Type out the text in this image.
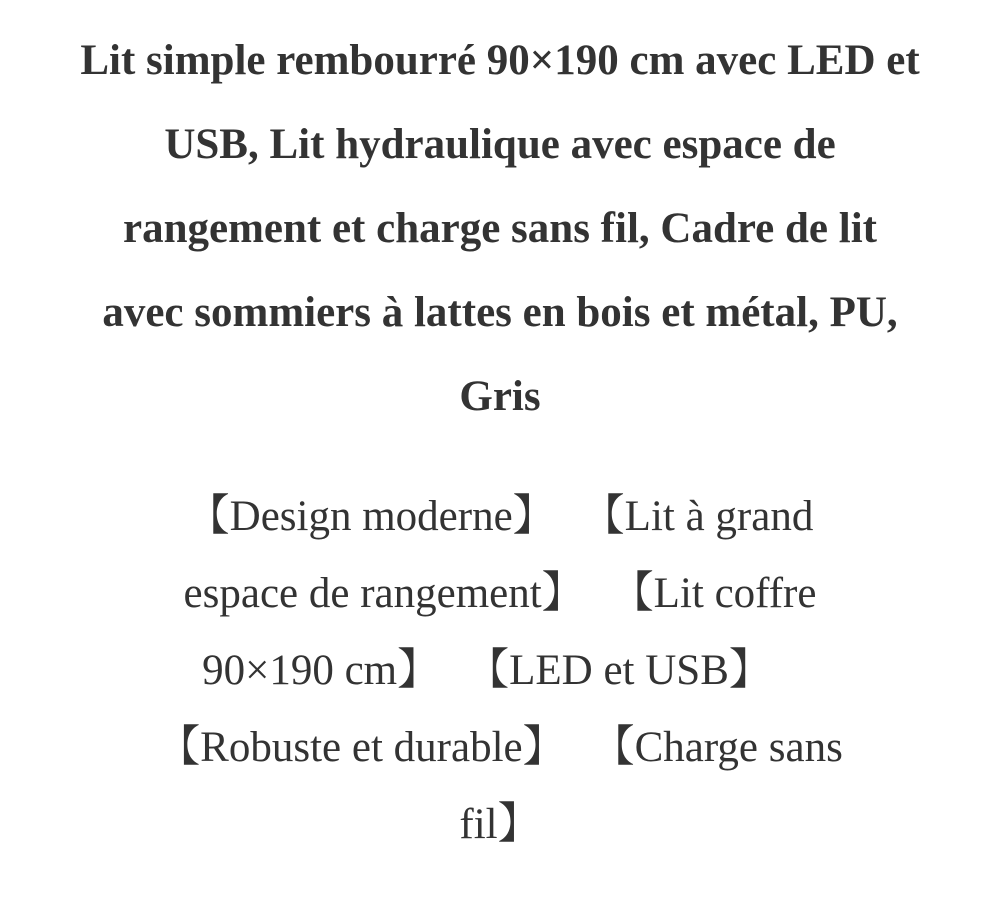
Lit simple rembourré 90×190 cm avec LED et USB, Lit hydraulique avec espace de rangement et charge sans fil, Cadre de lit avec sommiers à lattes en bois et métal, PU, Gris

【Design moderne】 【Lit à grand espace de rangement】 【Lit coffre 90×190 cm】 【LED et USB】【Robuste et durable】 【Charge sans fil】
